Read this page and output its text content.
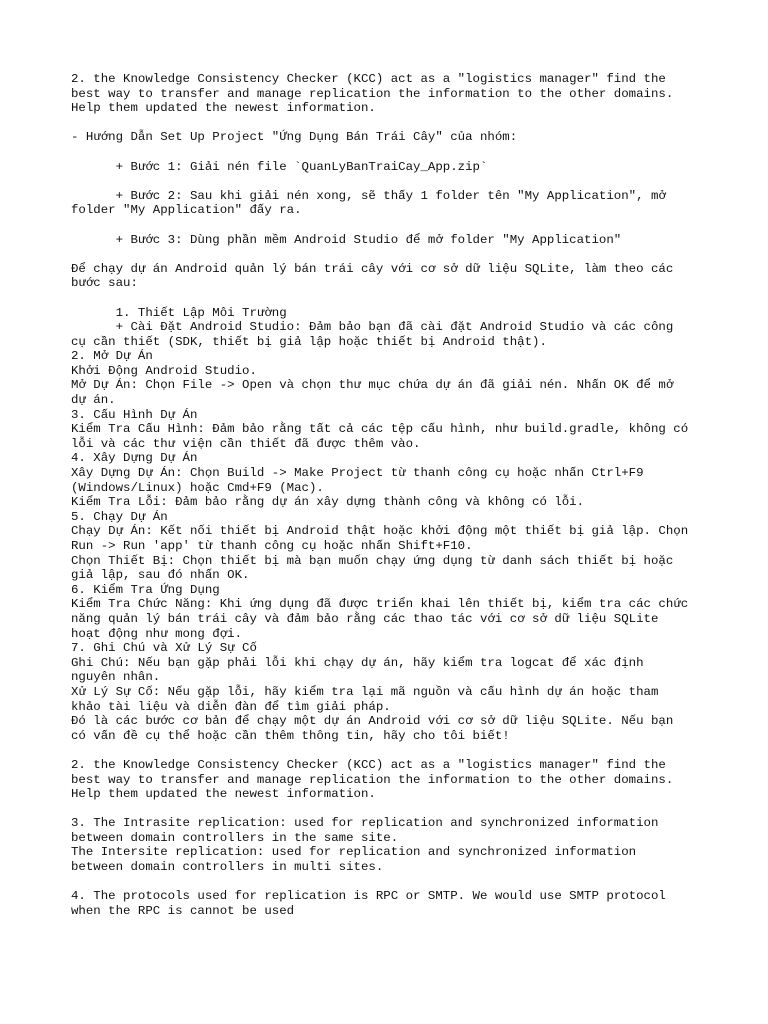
2. the Knowledge Consistency Checker (KCC) act as a "logistics manager" find the
best way to transfer and manage replication the information to the other domains.
Help them updated the newest information.
- Hướng Dẫn Set Up Project "Ứng Dụng Bán Trái Cây" của nhóm:
+ Bước 1: Giải nén file `QuanLyBanTraiCay_App.zip`
+ Bước 2: Sau khi giải nén xong, sẽ thấy 1 folder tên "My Application", mở
folder "My Application" đấy ra.
+ Bước 3: Dùng phần mềm Android Studio để mở folder "My Application"
Để chạy dự án Android quản lý bán trái cây với cơ sở dữ liệu SQLite, làm theo các
bước sau:
1. Thiết Lập Môi Trường
+ Cài Đặt Android Studio: Đảm bảo bạn đã cài đặt Android Studio và các công
cụ cần thiết (SDK, thiết bị giả lập hoặc thiết bị Android thật).
2. Mở Dự Án
Khởi Động Android Studio.
Mở Dự Án: Chọn File -> Open và chọn thư mục chứa dự án đã giải nén. Nhấn OK để mở
dự án.
3. Cấu Hình Dự Án
Kiểm Tra Cấu Hình: Đảm bảo rằng tất cả các tệp cấu hình, như build.gradle, không có
lỗi và các thư viện cần thiết đã được thêm vào.
4. Xây Dựng Dự Án
Xây Dựng Dự Án: Chọn Build -> Make Project từ thanh công cụ hoặc nhấn Ctrl+F9
(Windows/Linux) hoặc Cmd+F9 (Mac).
Kiểm Tra Lỗi: Đảm bảo rằng dự án xây dựng thành công và không có lỗi.
5. Chạy Dự Án
Chạy Dự Án: Kết nối thiết bị Android thật hoặc khởi động một thiết bị giả lập. Chọn
Run -> Run 'app' từ thanh công cụ hoặc nhấn Shift+F10.
Chọn Thiết Bị: Chọn thiết bị mà bạn muốn chạy ứng dụng từ danh sách thiết bị hoặc
giả lập, sau đó nhấn OK.
6. Kiểm Tra Ứng Dụng
Kiểm Tra Chức Năng: Khi ứng dụng đã được triển khai lên thiết bị, kiểm tra các chức
năng quản lý bán trái cây và đảm bảo rằng các thao tác với cơ sở dữ liệu SQLite
hoạt động như mong đợi.
7. Ghi Chú và Xử Lý Sự Cố
Ghi Chú: Nếu bạn gặp phải lỗi khi chạy dự án, hãy kiểm tra logcat để xác định
nguyên nhân.
Xử Lý Sự Cố: Nếu gặp lỗi, hãy kiểm tra lại mã nguồn và cấu hình dự án hoặc tham
khảo tài liệu và diễn đàn để tìm giải pháp.
Đó là các bước cơ bản để chạy một dự án Android với cơ sở dữ liệu SQLite. Nếu bạn
có vấn đề cụ thể hoặc cần thêm thông tin, hãy cho tôi biết!
2. the Knowledge Consistency Checker (KCC) act as a "logistics manager" find the
best way to transfer and manage replication the information to the other domains.
Help them updated the newest information.
3. The Intrasite replication: used for replication and synchronized information
between domain controllers in the same site.
The Intersite replication: used for replication and synchronized information
between domain controllers in multi sites.
4. The protocols used for replication is RPC or SMTP. We would use SMTP protocol
when the RPC is cannot be used
